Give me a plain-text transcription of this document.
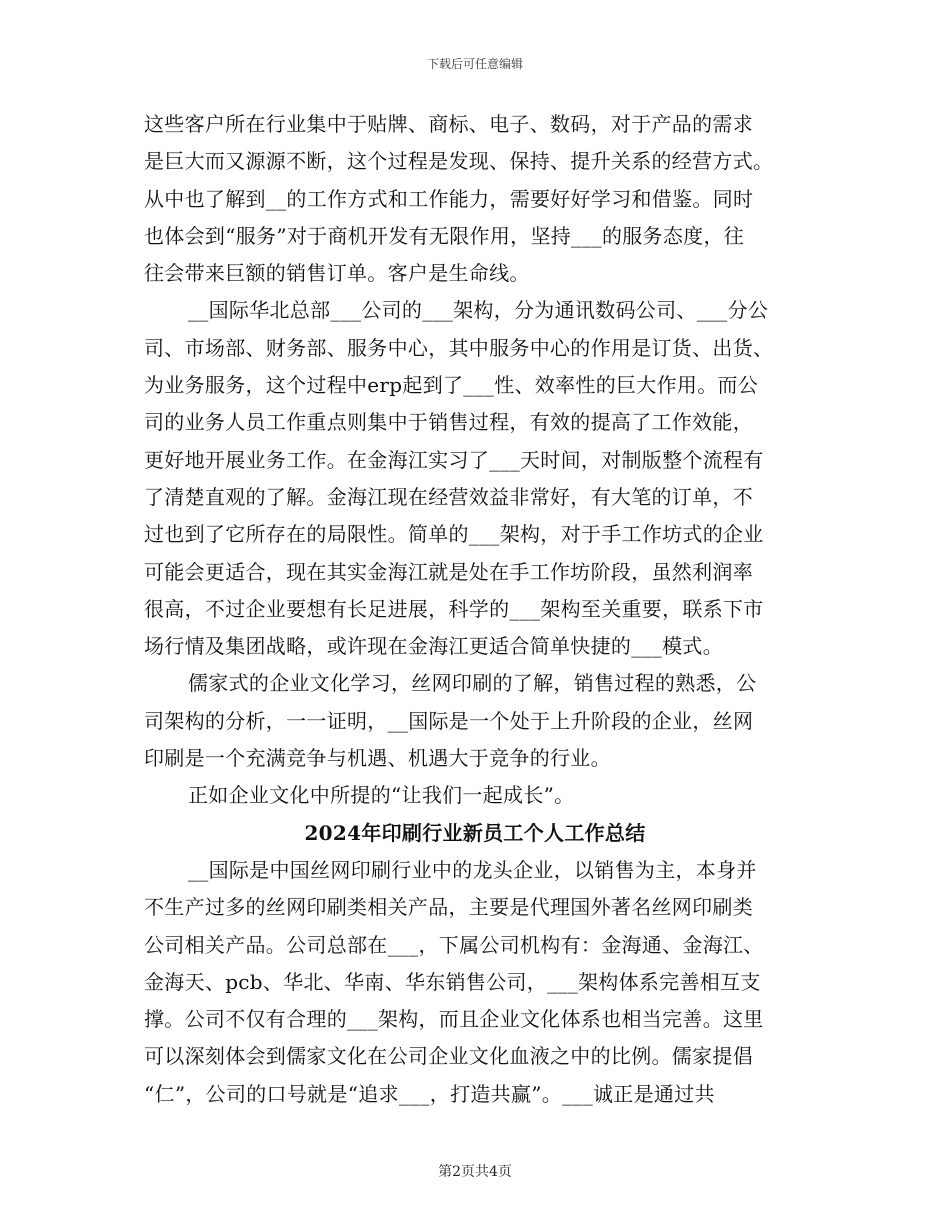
下载后可任意编辑
这些客户所在行业集中于贴牌、商标、电子、数码，对于产品的需求
是巨大而又源源不断，这个过程是发现、保持、提升关系的经营方式。
从中也了解到__的工作方式和工作能力，需要好好学习和借鉴。同时
也体会到“服务”对于商机开发有无限作用，坚持___的服务态度，往
往会带来巨额的销售订单。客户是生命线。
__国际华北总部___公司的___架构，分为通讯数码公司、___分公
司、市场部、财务部、服务中心，其中服务中心的作用是订货、出货、
为业务服务，这个过程中erp起到了___性、效率性的巨大作用。而公
司的业务人员工作重点则集中于销售过程，有效的提高了工作效能，
更好地开展业务工作。在金海江实习了___天时间，对制版整个流程有
了清楚直观的了解。金海江现在经营效益非常好，有大笔的订单，不
过也到了它所存在的局限性。简单的___架构，对于手工作坊式的企业
可能会更适合，现在其实金海江就是处在手工作坊阶段，虽然利润率
很高，不过企业要想有长足进展，科学的___架构至关重要，联系下市
场行情及集团战略，或许现在金海江更适合简单快捷的___模式。
儒家式的企业文化学习，丝网印刷的了解，销售过程的熟悉，公
司架构的分析，一一证明，__国际是一个处于上升阶段的企业，丝网
印刷是一个充满竞争与机遇、机遇大于竞争的行业。
正如企业文化中所提的“让我们一起成长”。
2024年印刷行业新员工个人工作总结
__国际是中国丝网印刷行业中的龙头企业，以销售为主，本身并
不生产过多的丝网印刷类相关产品，主要是代理国外著名丝网印刷类
公司相关产品。公司总部在___，下属公司机构有：金海通、金海江、
金海天、pcb、华北、华南、华东销售公司，___架构体系完善相互支
撑。公司不仅有合理的___架构，而且企业文化体系也相当完善。这里
可以深刻体会到儒家文化在公司企业文化血液之中的比例。儒家提倡
“仁”，公司的口号就是“追求___，打造共赢”。___诚正是通过共
第2页共4页
